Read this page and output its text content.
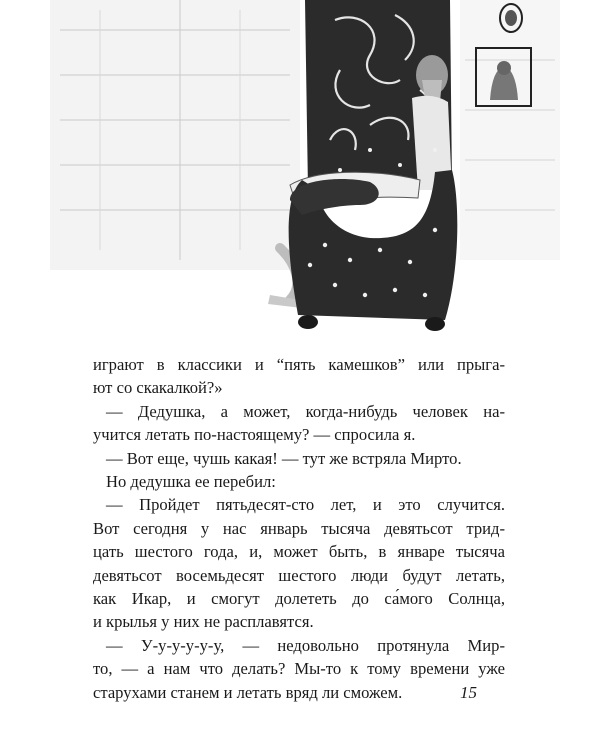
играют в классики и “пять камешков” или прыга-
ют со скакалкой?»
— Дедушка, а может, когда-нибудь человек на-
учится летать по-настоящему? — спросила я.
— Вот еще, чушь какая! — тут же встряла Мирто.
Но дедушка ее перебил:
— Пройдет пятьдесят-сто лет, и это случится.
Вот сегодня у нас январь тысяча девятьсот трид-
цать шестого года, и, может быть, в январе тысяча
девятьсот восемьдесят шестого люди будут летать,
как Икар, и смогут долететь до са́мого Солнца,
и крылья у них не расплавятся.
— У-у-у-у-у-у, — недовольно протянула Мир-
то, — а нам что делать? Мы-то к тому времени уже
старухами станем и летать вряд ли сможем.	15
